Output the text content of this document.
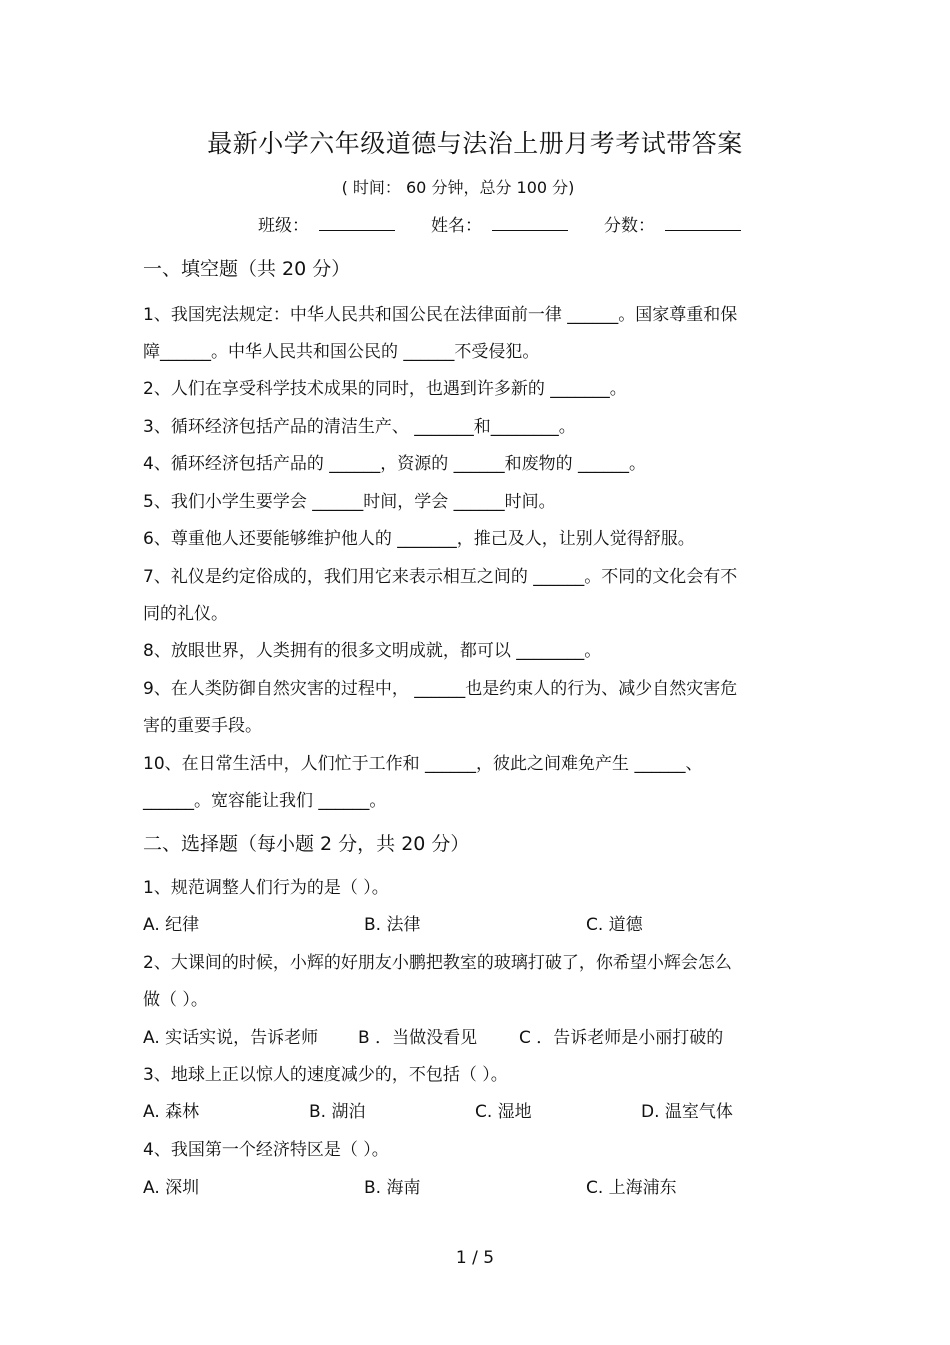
最新小学六年级道德与法治上册月考考试带答案
( 时间： 60 分钟，总分 100 分)
班级：	姓名：	分数：
一、填空题（共 20 分）
1、我国宪法规定：中华人民共和国公民在法律面前一律 ______。国家尊重和保
障______。中华人民共和国公民的 ______不受侵犯。
2、人们在享受科学技术成果的同时，也遇到许多新的 _______。
3、循环经济包括产品的清洁生产、 _______和________。
4、循环经济包括产品的 ______，资源的 ______和废物的 ______。
5、我们小学生要学会 ______时间，学会 ______时间。
6、尊重他人还要能够维护他人的 _______，推己及人，让别人觉得舒服。
7、礼仪是约定俗成的，我们用它来表示相互之间的 ______。不同的文化会有不
同的礼仪。
8、放眼世界，人类拥有的很多文明成就，都可以 ________。
9、在人类防御自然灾害的过程中， ______也是约束人的行为、减少自然灾害危
害的重要手段。
10、在日常生活中，人们忙于工作和 ______，彼此之间难免产生 ______、
______。宽容能让我们 ______。
二、选择题（每小题 2 分，共 20 分）
1、规范调整人们行为的是（ ）。
A. 纪律	B. 法律	C. 道德
2、大课间的时候，小辉的好朋友小鹏把教室的玻璃打破了，你希望小辉会怎么
做（ ）。
A. 实话实说，告诉老师 B ．当做没看见 C ．告诉老师是小丽打破的
3、地球上正以惊人的速度减少的，不包括（ ）。
A. 森林	B. 湖泊	C. 湿地	D. 温室气体
4、我国第一个经济特区是（ ）。
A. 深圳	B. 海南	C. 上海浦东
1 / 5
